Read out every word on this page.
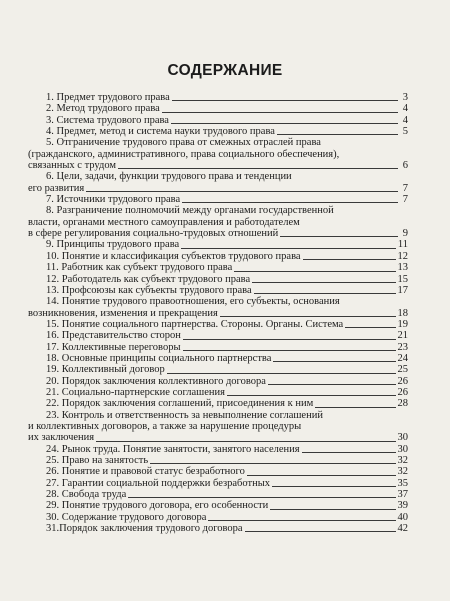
СОДЕРЖАНИЕ
1. Предмет трудового права	3
2. Метод трудового права	4
3. Система трудового права	4
4. Предмет, метод и система науки трудового права	5
5. Отграничение трудового права от смежных отраслей права
(гражданского, административного, права социального обеспечения),
связанных с трудом	6
6. Цели, задачи, функции трудового права и тенденции
его развития	7
7. Источники трудового права	7
8. Разграничение полномочий между органами государственной
власти, органами местного самоуправления и работодателем
в сфере регулирования социально-трудовых отношений	9
9. Принципы трудового права	11
10. Понятие и классификация субъектов трудового права	12
11. Работник как субъект трудового права	13
12. Работодатель как субъект трудового права	15
13. Профсоюзы как субъекты трудового права	17
14. Понятие трудового правоотношения, его субъекты, основания
возникновения, изменения и прекращения	18
15. Понятие социального партнерства. Стороны. Органы. Система	19
16. Представительство сторон	21
17. Коллективные переговоры	23
18. Основные принципы социального партнерства	24
19. Коллективный договор	25
20. Порядок заключения коллективного договора	26
21. Социально-партнерские соглашения	26
22. Порядок заключения соглашений, присоединения к ним	28
23. Контроль и ответственность за невыполнение соглашений
и коллективных договоров, а также за нарушение процедуры
их заключения	30
24. Рынок труда. Понятие занятости, занятого населения	30
25. Право на занятость	32
26. Понятие и правовой статус безработного	32
27. Гарантии социальной поддержки безработных	35
28. Свобода труда	37
29. Понятие трудового договора, его особенности	39
30. Содержание трудового договора	40
31.Порядок заключения трудового договора	42
